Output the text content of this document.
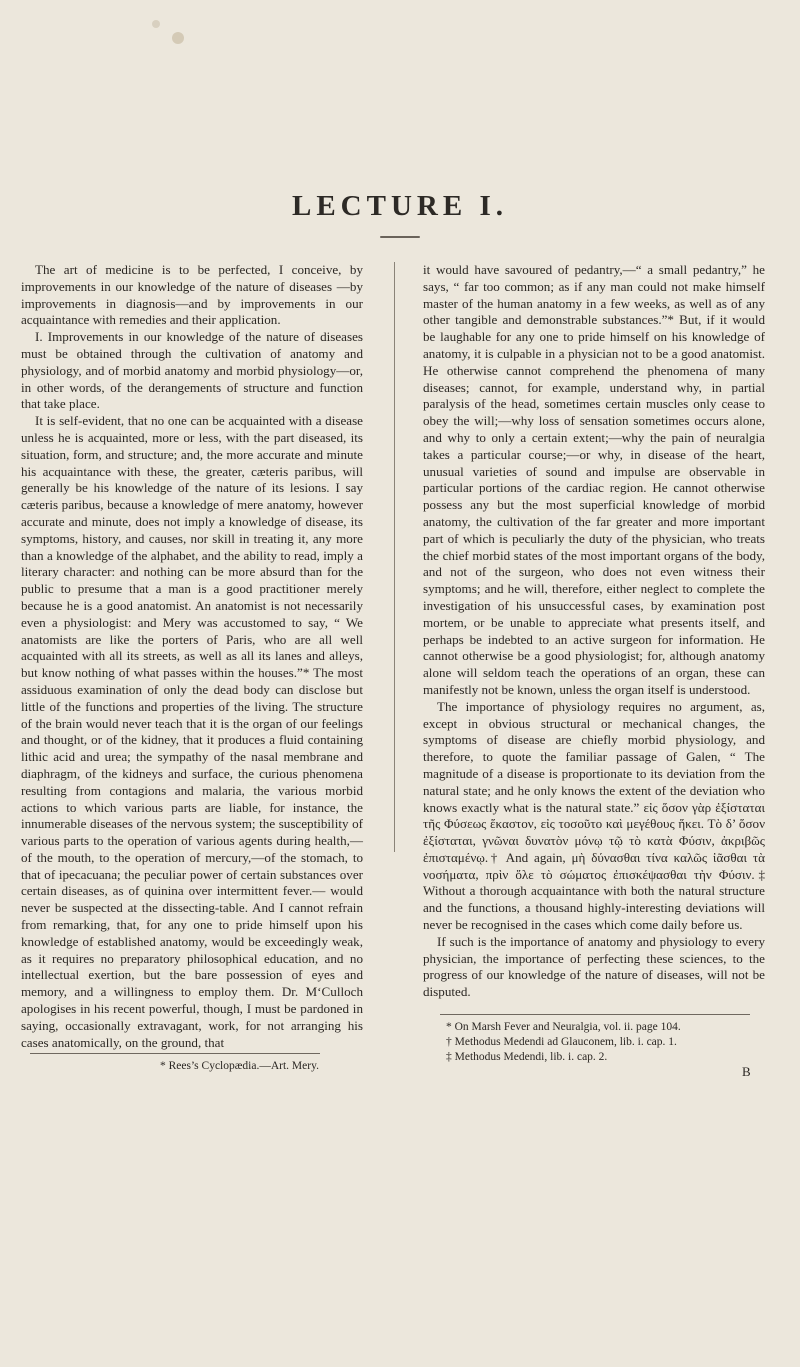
LECTURE I.

The art of medicine is to be perfected, I conceive, by improvements in our knowledge of the nature of diseases —by improvements in diagnosis—and by improvements in our acquaintance with remedies and their application.

I. Improvements in our knowledge of the nature of diseases must be obtained through the cultivation of anatomy and physiology, and of morbid anatomy and morbid physiology—or, in other words, of the derangements of structure and function that take place.

It is self-evident, that no one can be acquainted with a disease unless he is acquainted, more or less, with the part diseased, its situation, form, and structure; and, the more accurate and minute his acquaintance with these, the greater, cæteris paribus, will generally be his knowledge of the nature of its lesions. I say cæteris paribus, because a knowledge of mere anatomy, however accurate and minute, does not imply a knowledge of disease, its symptoms, history, and causes, nor skill in treating it, any more than a knowledge of the alphabet, and the ability to read, imply a literary character: and nothing can be more absurd than for the public to presume that a man is a good practitioner merely because he is a good anatomist. An anatomist is not necessarily even a physiologist: and Mery was accustomed to say, “ We anatomists are like the porters of Paris, who are all well acquainted with all its streets, as well as all its lanes and alleys, but know nothing of what passes within the houses.”* The most assiduous examination of only the dead body can disclose but little of the functions and properties of the living. The structure of the brain would never teach that it is the organ of our feelings and thought, or of the kidney, that it produces a fluid containing lithic acid and urea; the sympathy of the nasal membrane and diaphragm, of the kidneys and surface, the curious phenomena resulting from contagions and malaria, the various morbid actions to which various parts are liable, for instance, the innumerable diseases of the nervous system; the susceptibility of various parts to the operation of various agents during health,—of the mouth, to the operation of mercury,—of the stomach, to that of ipecacuana; the peculiar power of certain substances over certain diseases, as of quinina over intermittent fever.— would never be suspected at the dissecting-table. And I cannot refrain from remarking, that, for any one to pride himself upon his knowledge of established anatomy, would be exceedingly weak, as it requires no preparatory philosophical education, and no intellectual exertion, but the bare possession of eyes and memory, and a willingness to employ them. Dr. M‘Culloch apologises in his recent powerful, though, I must be pardoned in saying, occasionally extravagant, work, for not arranging his cases anatomically, on the ground, that

it would have savoured of pedantry,—“ a small pedantry,” he says, “ far too common; as if any man could not make himself master of the human anatomy in a few weeks, as well as of any other tangible and demonstrable substances.”* But, if it would be laughable for any one to pride himself on his knowledge of anatomy, it is culpable in a physician not to be a good anatomist. He otherwise cannot comprehend the phenomena of many diseases; cannot, for example, understand why, in partial paralysis of the head, sometimes certain muscles only cease to obey the will;—why loss of sensation sometimes occurs alone, and why to only a certain extent;—why the pain of neuralgia takes a particular course;—or why, in disease of the heart, unusual varieties of sound and impulse are observable in particular portions of the cardiac region. He cannot otherwise possess any but the most superficial knowledge of morbid anatomy, the cultivation of the far greater and more important part of which is peculiarly the duty of the physician, who treats the chief morbid states of the most important organs of the body, and not of the surgeon, who does not even witness their symptoms; and he will, therefore, either neglect to complete the investigation of his unsuccessful cases, by examination post mortem, or be unable to appreciate what presents itself, and perhaps be indebted to an active surgeon for information. He cannot otherwise be a good physiologist; for, although anatomy alone will seldom teach the operations of an organ, these can manifestly not be known, unless the organ itself is understood.

The importance of physiology requires no argument, as, except in obvious structural or mechanical changes, the symptoms of disease are chiefly morbid physiology, and therefore, to quote the familiar passage of Galen, “ The magnitude of a disease is proportionate to its deviation from the natural state; and he only knows the extent of the deviation who knows exactly what is the natural state.” εἰς ὅσον γὰρ ἐξίσταται τῆς Φύσεως ἕκαστον, εἰς τοσοῦτο καὶ μεγέθους ἥκει. Τὸ δ’ ὅσον ἐξίσταται, γνῶναι δυνατὸν μόνῳ τῷ τὸ κατὰ Φύσιν, ἀκριβῶς ἐπισταμένῳ.† And again, μὴ δύνασθαι τίνα καλῶς ἰᾶσθαι τὰ νοσήματα, πρὶν ὅλε τὸ σώματος ἐπισκέψασθαι τὴν Φύσιν.‡ Without a thorough acquaintance with both the natural structure and the functions, a thousand highly-interesting deviations will never be recognised in the cases which come daily before us.

If such is the importance of anatomy and physiology to every physician, the importance of perfecting these sciences, to the progress of our knowledge of the nature of diseases, will not be disputed.

* Rees’s Cyclopædia.—Art. Mery.
* On Marsh Fever and Neuralgia, vol. ii. page 104.
† Methodus Medendi ad Glauconem, lib. i. cap. 1.
‡ Methodus Medendi, lib. i. cap. 2.
B
